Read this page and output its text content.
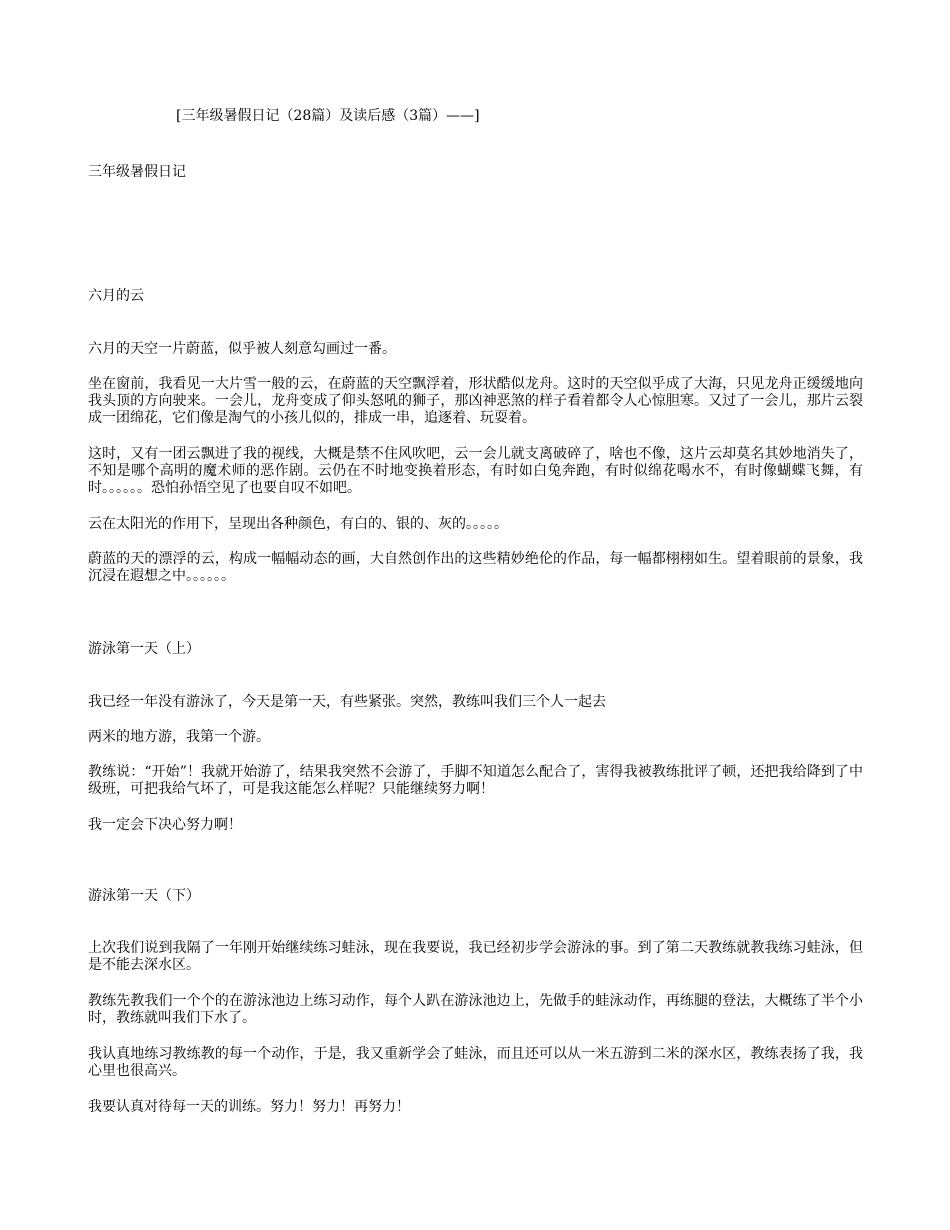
[三年级暑假日记（28篇）及读后感（3篇）——]
三年级暑假日记
六月的云

六月的天空一片蔚蓝，似乎被人刻意勾画过一番。

坐在窗前，我看见一大片雪一般的云，在蔚蓝的天空飘浮着，形状酷似龙舟。这时的天空似乎成了大海，只见龙舟正缓缓地向我头顶的方向驶来。一会儿，龙舟变成了仰头怒吼的狮子，那凶神恶煞的样子看着都令人心惊胆寒。又过了一会儿，那片云裂成一团绵花，它们像是淘气的小孩儿似的，排成一串，追逐着、玩耍着。

这时，又有一团云飘进了我的视线，大概是禁不住风吹吧，云一会儿就支离破碎了，啥也不像，这片云却莫名其妙地消失了，不知是哪个高明的魔术师的恶作剧。云仍在不时地变换着形态，有时如白兔奔跑，有时似绵花喝水不，有时像蝴蝶飞舞，有时。。。。。。恐怕孙悟空见了也要自叹不如吧。

云在太阳光的作用下，呈现出各种颜色，有白的、银的、灰的。。。。。

蔚蓝的天的漂浮的云，构成一幅幅动态的画，大自然创作出的这些精妙绝伦的作品，每一幅都栩栩如生。望着眼前的景象，我沉浸在遐想之中。。。。。。

游泳第一天（上）

我已经一年没有游泳了，今天是第一天，有些紧张。突然，教练叫我们三个人一起去

两米的地方游，我第一个游。

教练说：“开始”！我就开始游了，结果我突然不会游了，手脚不知道怎么配合了，害得我被教练批评了顿，还把我给降到了中级班，可把我给气坏了，可是我这能怎么样呢？只能继续努力啊！

我一定会下决心努力啊！

游泳第一天（下）

上次我们说到我隔了一年刚开始继续练习蛙泳，现在我要说，我已经初步学会游泳的事。到了第二天教练就教我练习蛙泳，但是不能去深水区。

教练先教我们一个个的在游泳池边上练习动作，每个人趴在游泳池边上，先做手的蛙泳动作，再练腿的登法，大概练了半个小时，教练就叫我们下水了。

我认真地练习教练教的每一个动作，于是，我又重新学会了蛙泳，而且还可以从一米五游到二米的深水区，教练表扬了我，我心里也很高兴。

我要认真对待每一天的训练。努力！努力！再努力！
